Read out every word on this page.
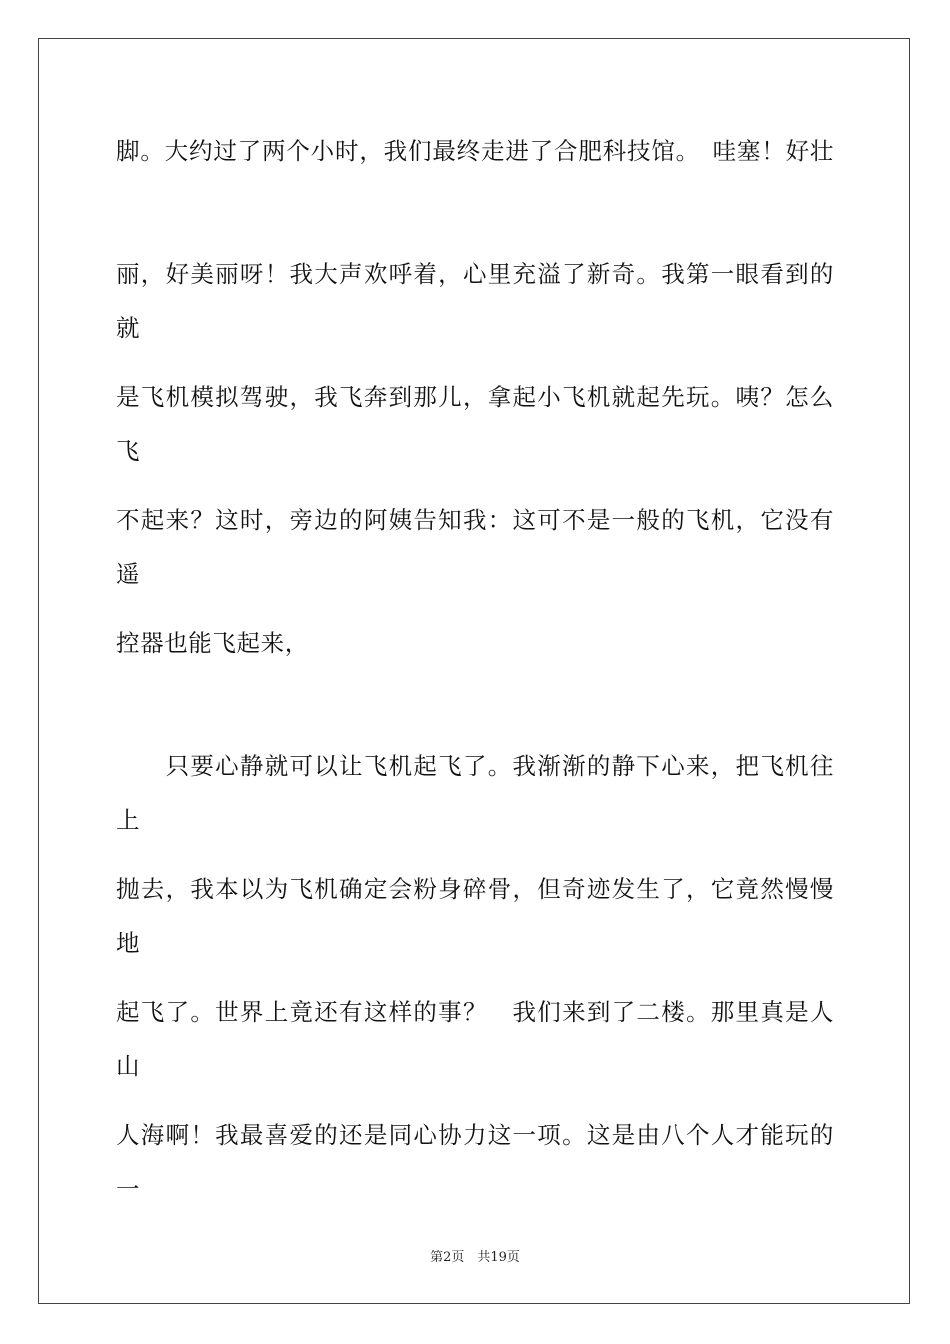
脚。大约过了两个小时，我们最终走进了合肥科技馆。　哇塞！好壮
丽，好美丽呀！我大声欢呼着，心里充溢了新奇。我第一眼看到的就
是飞机模拟驾驶，我飞奔到那儿，拿起小飞机就起先玩。咦？怎么飞
不起来？这时，旁边的阿姨告知我：这可不是一般的飞机，它没有遥
控器也能飞起来，
　　只要心静就可以让飞机起飞了。我渐渐的静下心来，把飞机往上
抛去，我本以为飞机确定会粉身碎骨，但奇迹发生了，它竟然慢慢地
起飞了。世界上竟还有这样的事？　我们来到了二楼。那里真是人山
人海啊！我最喜爱的还是同心协力这一项。这是由八个人才能玩的一
第2页　共19页
